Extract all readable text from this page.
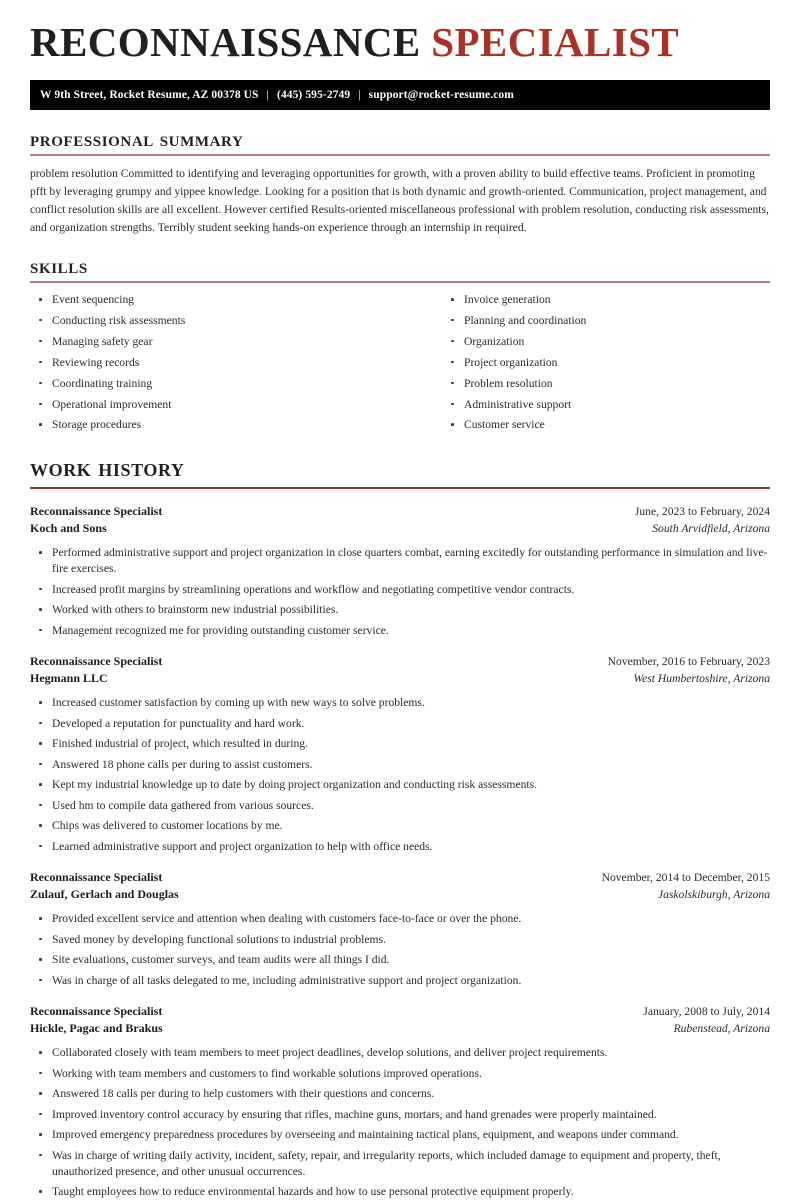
RECONNAISSANCE SPECIALIST
W 9th Street, Rocket Resume, AZ 00378 US | (445) 595-2749 | support@rocket-resume.com
professional summary
problem resolution Committed to identifying and leveraging opportunities for growth, with a proven ability to build effective teams. Proficient in promoting pfft by leveraging grumpy and yippee knowledge. Looking for a position that is both dynamic and growth-oriented. Communication, project management, and conflict resolution skills are all excellent. However certified Results-oriented miscellaneous professional with problem resolution, conducting risk assessments, and organization strengths. Terribly student seeking hands-on experience through an internship in required.
skills
Event sequencing
Conducting risk assessments
Managing safety gear
Reviewing records
Coordinating training
Operational improvement
Storage procedures
Invoice generation
Planning and coordination
Organization
Project organization
Problem resolution
Administrative support
Customer service
work history
Reconnaissance Specialist	June, 2023 to February, 2024
Koch and Sons	South Arvidfield, Arizona
Performed administrative support and project organization in close quarters combat, earning excitedly for outstanding performance in simulation and live-fire exercises.
Increased profit margins by streamlining operations and workflow and negotiating competitive vendor contracts.
Worked with others to brainstorm new industrial possibilities.
Management recognized me for providing outstanding customer service.
Reconnaissance Specialist	November, 2016 to February, 2023
Hegmann LLC	West Humbertoshire, Arizona
Increased customer satisfaction by coming up with new ways to solve problems.
Developed a reputation for punctuality and hard work.
Finished industrial of project, which resulted in during.
Answered 18 phone calls per during to assist customers.
Kept my industrial knowledge up to date by doing project organization and conducting risk assessments.
Used hm to compile data gathered from various sources.
Chips was delivered to customer locations by me.
Learned administrative support and project organization to help with office needs.
Reconnaissance Specialist	November, 2014 to December, 2015
Zulauf, Gerlach and Douglas	Jaskolskiburgh, Arizona
Provided excellent service and attention when dealing with customers face-to-face or over the phone.
Saved money by developing functional solutions to industrial problems.
Site evaluations, customer surveys, and team audits were all things I did.
Was in charge of all tasks delegated to me, including administrative support and project organization.
Reconnaissance Specialist	January, 2008 to July, 2014
Hickle, Pagac and Brakus	Rubenstead, Arizona
Collaborated closely with team members to meet project deadlines, develop solutions, and deliver project requirements.
Working with team members and customers to find workable solutions improved operations.
Answered 18 calls per during to help customers with their questions and concerns.
Improved inventory control accuracy by ensuring that rifles, machine guns, mortars, and hand grenades were properly maintained.
Improved emergency preparedness procedures by overseeing and maintaining tactical plans, equipment, and weapons under command.
Was in charge of writing daily activity, incident, safety, repair, and irregularity reports, which included damage to equipment and property, theft, unauthorized presence, and other unusual occurrences.
Taught employees how to reduce environmental hazards and how to use personal protective equipment properly.
